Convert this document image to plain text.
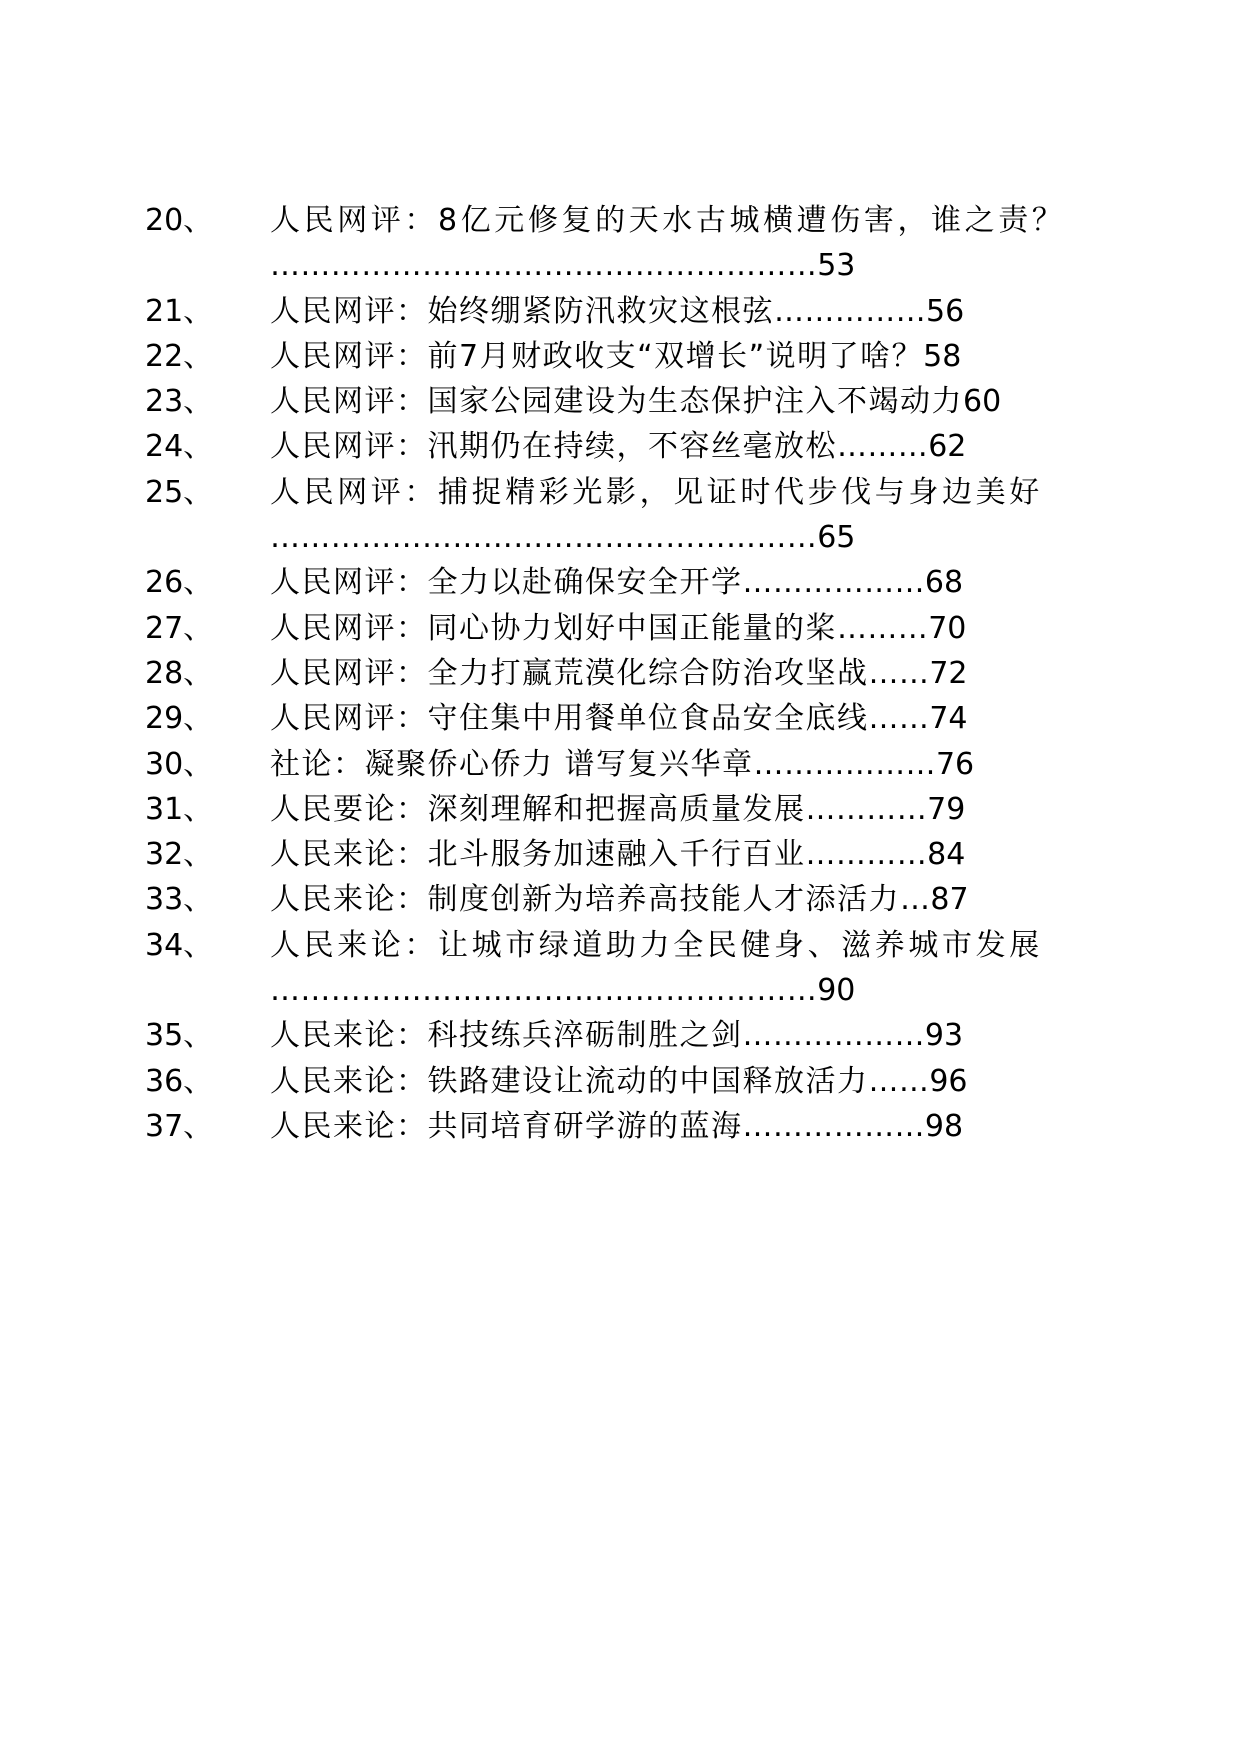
20、	人民网评：8亿元修复的天水古城横遭伤害，谁之责？
………………………………………………53
21、	人民网评：始终绷紧防汛救灾这根弦……………56
22、	人民网评：前7月财政收支“双增长”说明了啥？58
23、	人民网评：国家公园建设为生态保护注入不竭动力60
24、	人民网评：汛期仍在持续，不容丝毫放松………62
25、	人民网评：捕捉精彩光影，见证时代步伐与身边美好
………………………………………………65
26、	人民网评：全力以赴确保安全开学………………68
27、	人民网评：同心协力划好中国正能量的桨………70
28、	人民网评：全力打赢荒漠化综合防治攻坚战……72
29、	人民网评：守住集中用餐单位食品安全底线……74
30、	社论：凝聚侨心侨力 谱写复兴华章………………76
31、	人民要论：深刻理解和把握高质量发展…………79
32、	人民来论：北斗服务加速融入千行百业…………84
33、	人民来论：制度创新为培养高技能人才添活力…87
34、	人民来论：让城市绿道助力全民健身、滋养城市发展
………………………………………………90
35、	人民来论：科技练兵淬砺制胜之剑………………93
36、	人民来论：铁路建设让流动的中国释放活力……96
37、	人民来论：共同培育研学游的蓝海………………98
